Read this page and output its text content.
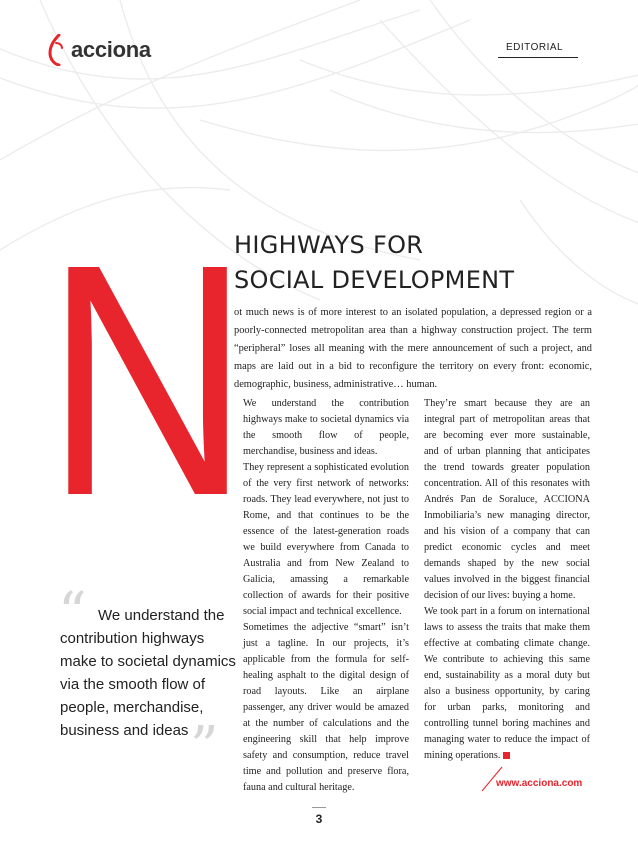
acciona	EDITORIAL
N
HIGHWAYS FOR
SOCIAL DEVELOPMENT

ot much news is of more interest to an isolated population, a depressed region or a poorly-connected metropolitan area than a highway construction project. The term “peripheral” loses all meaning with the mere announcement of such a project, and maps are laid out in a bid to reconfigure the territory on every front: economic, demographic, business, administrative… human.

We understand the contribution highways make to societal dynamics via the smooth flow of people, merchandise, business and ideas.

They represent a sophisticated evolution of the very first network of networks: roads. They lead everywhere, not just to Rome, and that continues to be the essence of the latest-generation roads we build everywhere from Canada to Australia and from New Zealand to Galicia, amassing a remarkable collection of awards for their positive social impact and technical excellence.

Sometimes the adjective “smart” isn’t just a tagline. In our projects, it’s applicable from the formula for self-healing asphalt to the digital design of road layouts. Like an airplane passenger, any driver would be amazed at the number of calculations and the engineering skill that help improve safety and consumption, reduce travel time and pollution and preserve flora, fauna and cultural heritage.

They’re smart because they are an integral part of metropolitan areas that are becoming ever more sustainable, and of urban planning that anticipates the trend towards greater population concentration. All of this resonates with Andrés Pan de Soraluce, ACCIONA Inmobiliaria’s new managing director, and his vision of a company that can predict economic cycles and meet demands shaped by the new social values involved in the biggest financial decision of our lives: buying a home.

We took part in a forum on international laws to assess the traits that make them effective at combating climate change. We contribute to achieving this same end, sustainability as a moral duty but also a business opportunity, by caring for urban parks, monitoring and controlling tunnel boring machines and managing water to reduce the impact of mining operations.

“ We understand the contribution highways make to societal dynamics via the smooth flow of people, merchandise, business and ideas ”
www.acciona.com
3
